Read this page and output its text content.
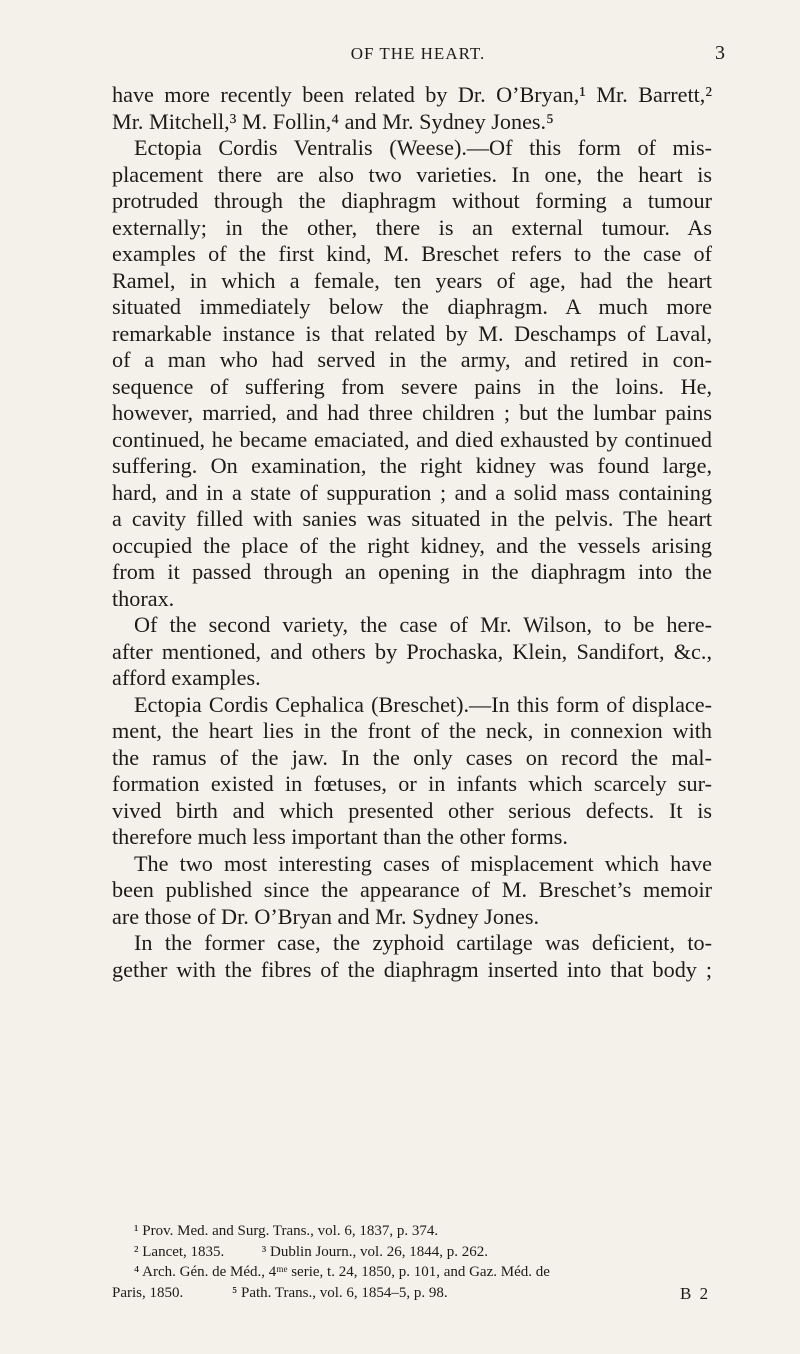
OF THE HEART.	3
have more recently been related by Dr. O’Bryan,¹ Mr. Barrett,²
Mr. Mitchell,³ M. Follin,⁴ and Mr. Sydney Jones.⁵
Ectopia Cordis Ventralis (Weese).—Of this form of mis-
placement there are also two varieties. In one, the heart is
protruded through the diaphragm without forming a tumour
externally; in the other, there is an external tumour. As
examples of the first kind, M. Breschet refers to the case of
Ramel, in which a female, ten years of age, had the heart
situated immediately below the diaphragm. A much more
remarkable instance is that related by M. Deschamps of Laval,
of a man who had served in the army, and retired in con-
sequence of suffering from severe pains in the loins. He,
however, married, and had three children ; but the lumbar pains
continued, he became emaciated, and died exhausted by continued
suffering. On examination, the right kidney was found large,
hard, and in a state of suppuration ; and a solid mass containing
a cavity filled with sanies was situated in the pelvis. The heart
occupied the place of the right kidney, and the vessels arising
from it passed through an opening in the diaphragm into the
thorax.
Of the second variety, the case of Mr. Wilson, to be here-
after mentioned, and others by Prochaska, Klein, Sandifort, &c.,
afford examples.
Ectopia Cordis Cephalica (Breschet).—In this form of displace-
ment, the heart lies in the front of the neck, in connexion with
the ramus of the jaw. In the only cases on record the mal-
formation existed in fœtuses, or in infants which scarcely sur-
vived birth and which presented other serious defects. It is
therefore much less important than the other forms.
The two most interesting cases of misplacement which have
been published since the appearance of M. Breschet’s memoir
are those of Dr. O’Bryan and Mr. Sydney Jones.
In the former case, the zyphoid cartilage was deficient, to-
gether with the fibres of the diaphragm inserted into that body ;
¹ Prov. Med. and Surg. Trans., vol. 6, 1837, p. 374.
² Lancet, 1835.          ³ Dublin Journ., vol. 26, 1844, p. 262.
⁴ Arch. Gén. de Méd., 4ᵐᵉ serie, t. 24, 1850, p. 101, and Gaz. Méd. de
Paris, 1850.             ⁵ Path. Trans., vol. 6, 1854–5, p. 98.	B 2
